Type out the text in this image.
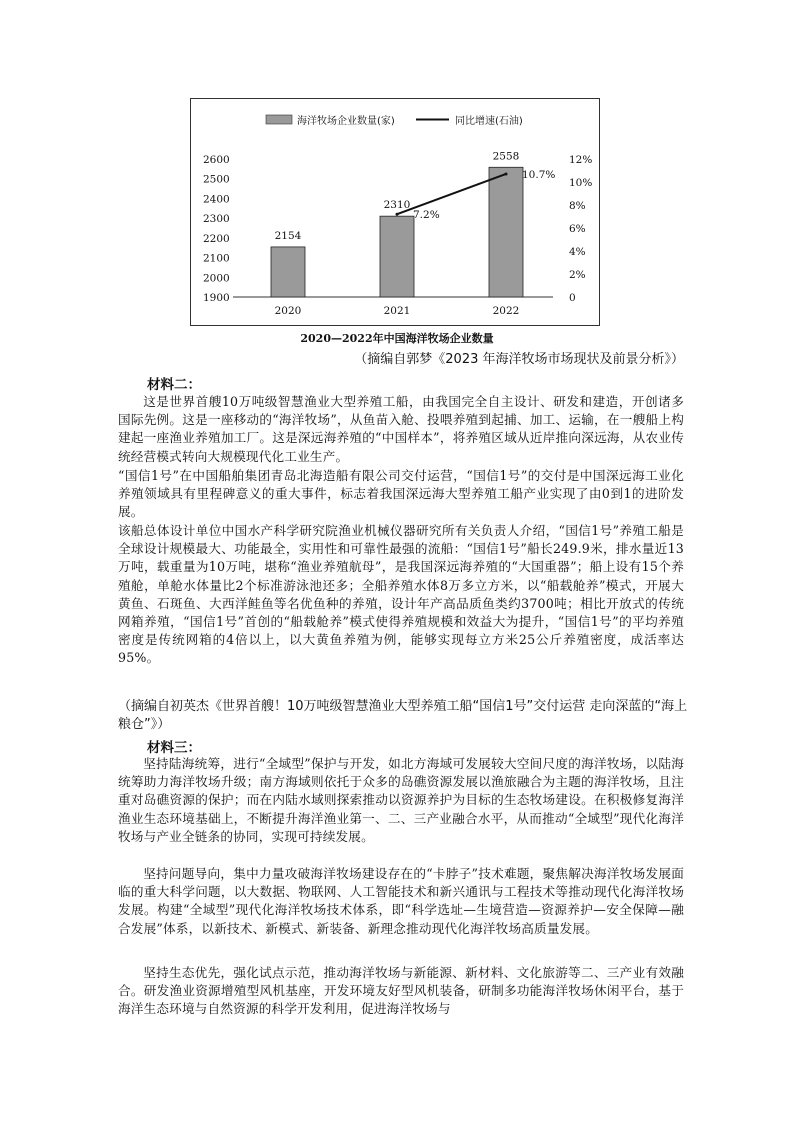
海洋牧场企业数量(家)	同比增速(石油)
1900
2000
2100
2200
2300
2400
2500
2600
0
2%
4%
6%
8%
10%
12%
2154
2310
2558
2020	2021	2022
7.2%
10.7%
2020—2022年中国海洋牧场企业数量
（摘编自郭梦《2023 年海洋牧场市场现状及前景分析》）
材料二：

这是世界首艘10万吨级智慧渔业大型养殖工船，由我国完全自主设计、研发和建造，开创诸多国际先例。这是一座移动的“海洋牧场”，从鱼苗入舱、投喂养殖到起捕、加工、运输，在一艘船上构建起一座渔业养殖加工厂。这是深远海养殖的“中国样本”，将养殖区域从近岸推向深远海，从农业传统经营模式转向大规模现代化工业生产。

“国信1号”在中国船舶集团青岛北海造船有限公司交付运营，“国信1号”的交付是中国深远海工业化养殖领域具有里程碑意义的重大事件，标志着我国深远海大型养殖工船产业实现了由0到1的进阶发展。

该船总体设计单位中国水产科学研究院渔业机械仪器研究所有关负责人介绍，“国信1号”养殖工船是全球设计规模最大、功能最全，实用性和可靠性最强的流船：“国信1号”船长249.9米，排水量近13万吨，载重量为10万吨，堪称“渔业养殖航母”，是我国深远海养殖的“大国重器”；船上设有15个养殖舱，单舱水体量比2个标准游泳池还多；全船养殖水体8万多立方米，以“船载舱养”模式，开展大黄鱼、石斑鱼、大西洋鲑鱼等名优鱼种的养殖，设计年产高品质鱼类约3700吨；相比开放式的传统网箱养殖，“国信1号”首创的“船载舱养”模式使得养殖规模和效益大为提升，“国信1号”的平均养殖密度是传统网箱的4倍以上，以大黄鱼养殖为例，能够实现每立方米25公斤养殖密度，成活率达95%。

（摘编自初英杰《世界首艘！10万吨级智慧渔业大型养殖工船“国信1号”交付运营 走向深蓝的“海上粮仓”》）
材料三：

坚持陆海统筹，进行“全域型”保护与开发，如北方海域可发展较大空间尺度的海洋牧场，以陆海统筹助力海洋牧场升级；南方海域则依托于众多的岛礁资源发展以渔旅融合为主题的海洋牧场，且注重对岛礁资源的保护；而在内陆水域则探索推动以资源养护为目标的生态牧场建设。在积极修复海洋渔业生态环境基础上，不断提升海洋渔业第一、二、三产业融合水平，从而推动“全域型”现代化海洋牧场与产业全链条的协同，实现可持续发展。

坚持问题导向，集中力量攻破海洋牧场建设存在的“卡脖子”技术难题，聚焦解决海洋牧场发展面临的重大科学问题，以大数据、物联网、人工智能技术和新兴通讯与工程技术等推动现代化海洋牧场发展。构建“全域型”现代化海洋牧场技术体系，即“科学选址—生境营造—资源养护—安全保障—融合发展”体系，以新技术、新模式、新装备、新理念推动现代化海洋牧场高质量发展。

坚持生态优先，强化试点示范，推动海洋牧场与新能源、新材料、文化旅游等二、三产业有效融合。研发渔业资源增殖型风机基座，开发环境友好型风机装备，研制多功能海洋牧场休闲平台，基于海洋生态环境与自然资源的科学开发利用，促进海洋牧场与
